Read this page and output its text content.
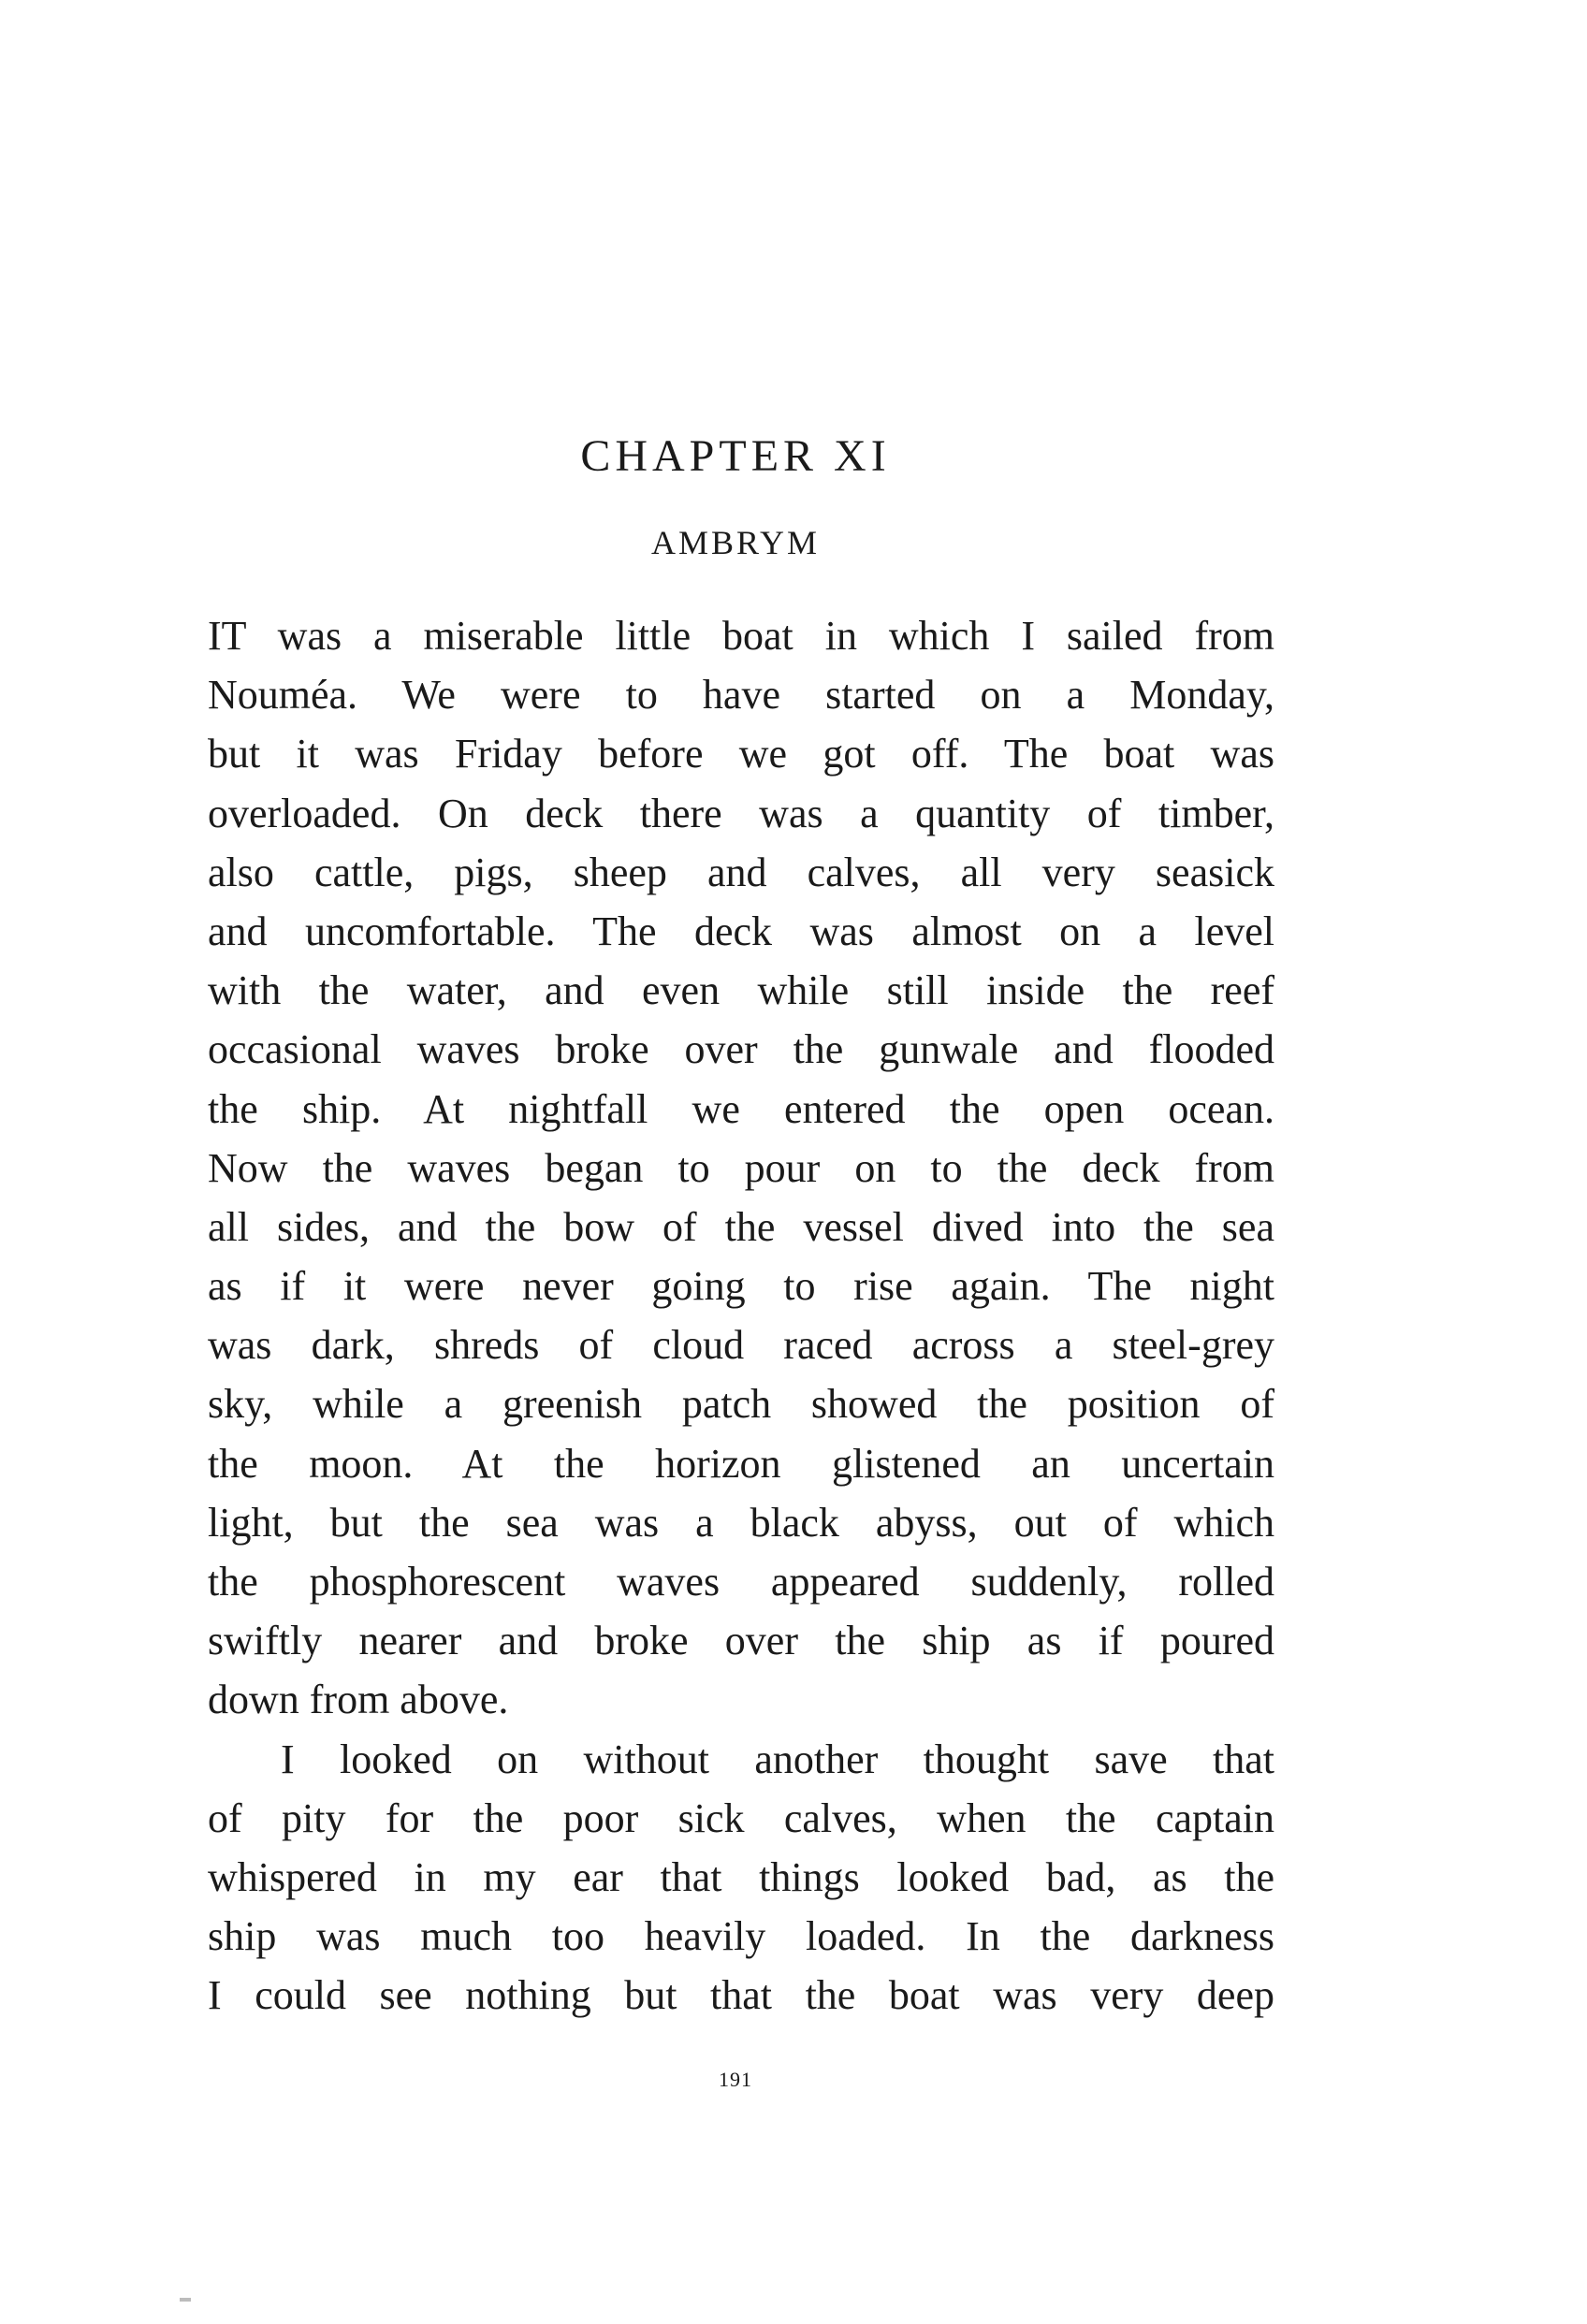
CHAPTER XI
AMBRYM
IT was a miserable little boat in which I sailed from
Nouméa. We were to have started on a Monday,
but it was Friday before we got off. The boat was
overloaded. On deck there was a quantity of timber,
also cattle, pigs, sheep and calves, all very seasick
and uncomfortable. The deck was almost on a level
with the water, and even while still inside the reef
occasional waves broke over the gunwale and flooded
the ship. At nightfall we entered the open ocean.
Now the waves began to pour on to the deck from
all sides, and the bow of the vessel dived into the sea
as if it were never going to rise again. The night
was dark, shreds of cloud raced across a steel-grey
sky, while a greenish patch showed the position of
the moon. At the horizon glistened an uncertain
light, but the sea was a black abyss, out of which
the phosphorescent waves appeared suddenly, rolled
swiftly nearer and broke over the ship as if poured
down from above.
I looked on without another thought save that
of pity for the poor sick calves, when the captain
whispered in my ear that things looked bad, as the
ship was much too heavily loaded. In the darkness
I could see nothing but that the boat was very deep
191
